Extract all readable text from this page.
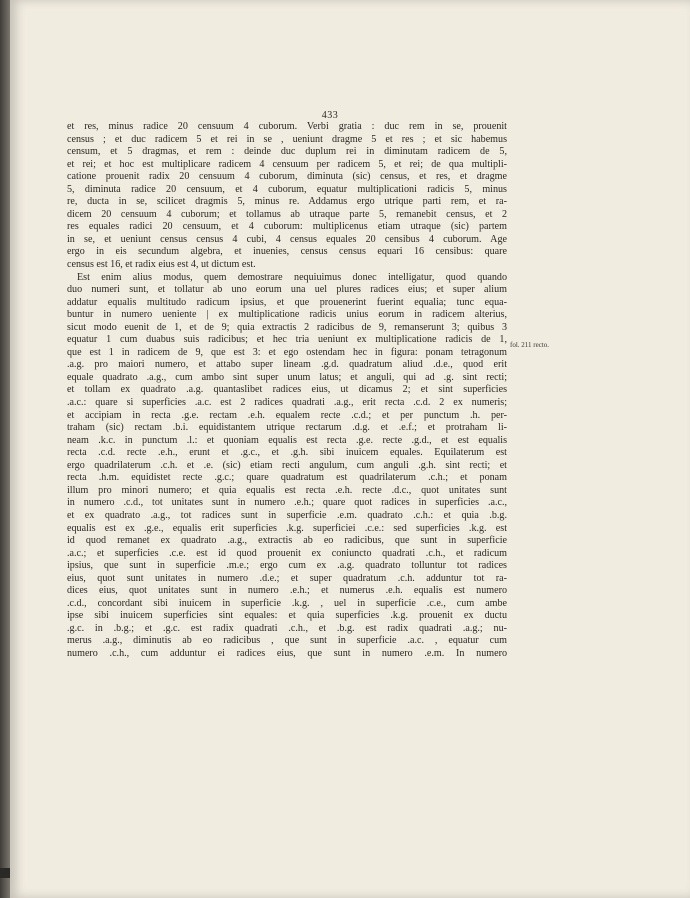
433
et res, minus radice 20 censuum 4 cuborum. Verbi gratia : duc rem in se, prouenit
census ; et duc radicem 5 et rei in se , ueniunt dragme 5 et res ; et sic habemus
censum, et 5 dragmas, et rem : deinde duc duplum rei in diminutam radicem de 5,
et rei; et hoc est multiplicare radicem 4 censuum per radicem 5, et rei; de qua multipli-
catione prouenit radix 20 censuum 4 cuborum, diminuta (sic) census, et res, et dragme
5, diminuta radice 20 censuum, et 4 cuborum, equatur multiplicationi radicis 5, minus
re, ducta in se, scilicet dragmis 5, minus re. Addamus ergo utrique parti rem, et ra-
dicem 20 censuum 4 cuborum; et tollamus ab utraque parte 5, remanebit census, et 2
res equales radici 20 censuum, et 4 cuborum: multiplicenus etiam utraque (sic) partem
in se, et ueniunt census census 4 cubi, 4 census equales 20 censibus 4 cuborum. Age
ergo in eis secundum algebra, et inuenies, census census equari 16 censibus: quare
census est 16, et radix eius est 4, ut dictum est.
Est enim alius modus, quem demostrare nequiuimus donec intelligatur, quod quando
duo numeri sunt, et tollatur ab uno eorum una uel plures radices eius; et super alium
addatur equalis multitudo radicum ipsius, et que prouenerint fuerint equalia; tunc equa-
buntur in numero ueniente | ex multiplicatione radicis unius eorum in radicem alterius,
sicut modo euenit de 1, et de 9; quia extractis 2 radicibus de 9, remanserunt 3; quibus 3
equatur 1 cum duabus suis radicibus; et hec tria ueniunt ex multiplicatione radicis de 1,
que est 1 in radicem de 9, que est 3: et ego ostendam hec in figura: ponam tetragonum
.a.g. pro maiori numero, et attabo super lineam .g.d. quadratum aliud .d.e., quod erit
equale quadrato .a.g., cum ambo sint super unum latus; et anguli, qui ad .g. sint recti;
et tollam ex quadrato .a.g. quantaslibet radices eius, ut dicamus 2; et sint superficies
.a.c.: quare si superficies .a.c. est 2 radices quadrati .a.g., erit recta .c.d. 2 ex numeris;
et accipiam in recta .g.e. rectam .e.h. equalem recte .c.d.; et per punctum .h. per-
traham (sic) rectam .b.i. equidistantem utrique rectarum .d.g. et .e.f.; et protraham li-
neam .k.c. in punctum .l.: et quoniam equalis est recta .g.e. recte .g.d., et est equalis
recta .c.d. recte .e.h., erunt et .g.c., et .g.h. sibi inuicem equales. Equilaterum est
ergo quadrilaterum .c.h. et .e. (sic) etiam recti angulum, cum anguli .g.h. sint recti; et
recta .h.m. equidistet recte .g.c.; quare quadratum est quadrilaterum .c.h.; et ponam
illum pro minori numero; et quia equalis est recta .e.h. recte .d.c., quot unitates sunt
in numero .c.d., tot unitates sunt in numero .e.h.; quare quot radices in superficies .a.c.,
et ex quadrato .a.g., tot radices sunt in superficie .e.m. quadrato .c.h.: et quia .b.g.
equalis est ex .g.e., equalis erit superficies .k.g. superficiei .c.e.: sed superficies .k.g. est
id quod remanet ex quadrato .a.g., extractis ab eo radicibus, que sunt in superficie
.a.c.; et superficies .c.e. est id quod prouenit ex coniuncto quadrati .c.h., et radicum
ipsius, que sunt in superficie .m.e.; ergo cum ex .a.g. quadrato tolluntur tot radices
eius, quot sunt unitates in numero .d.e.; et super quadratum .c.h. adduntur tot ra-
dices eius, quot unitates sunt in numero .e.h.; et numerus .e.h. equalis est numero
.c.d., concordant sibi inuicem in superficie .k.g. , uel in superficie .c.e., cum ambe
ipse sibi inuicem superficies sint equales: et quia superficies .k.g. prouenit ex ductu
.g.c. in .b.g.; et .g.c. est radix quadrati .c.h., et .b.g. est radix quadrati .a.g.; nu-
merus .a.g., diminutis ab eo radicibus , que sunt in superficie .a.c. , equatur cum
numero .c.h., cum adduntur ei radices eius, que sunt in numero .e.m. In numero
fol. 211 recto.
